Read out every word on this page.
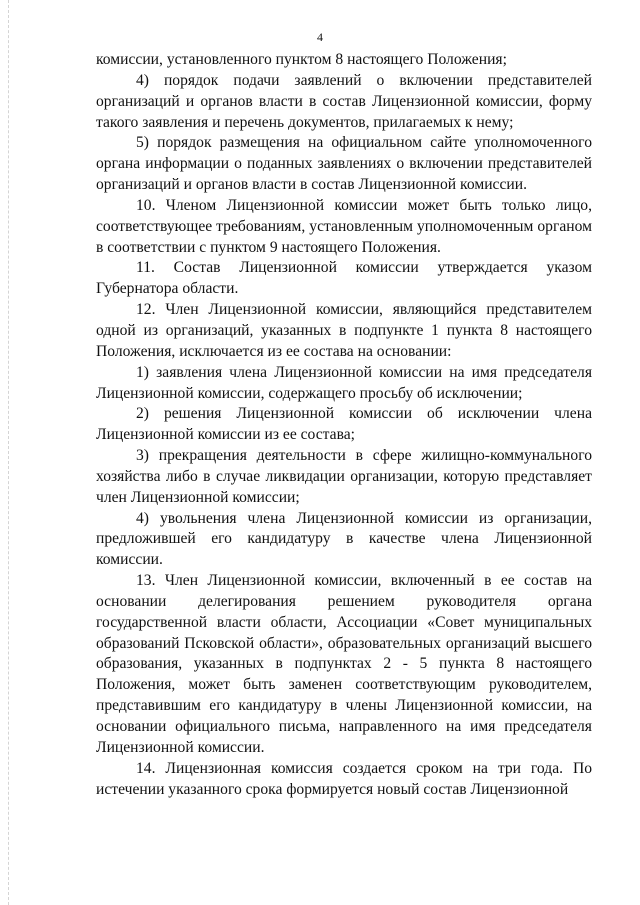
4

комиссии, установленного пунктом 8 настоящего Положения;

4) порядок подачи заявлений о включении представителей организаций и органов власти в состав Лицензионной комиссии, форму такого заявления и перечень документов, прилагаемых к нему;

5) порядок размещения на официальном сайте уполномоченного органа информации о поданных заявлениях о включении представителей организаций и органов власти в состав Лицензионной комиссии.

10. Членом Лицензионной комиссии может быть только лицо, соответствующее требованиям, установленным уполномоченным органом в соответствии с пунктом 9 настоящего Положения.

11. Состав Лицензионной комиссии утверждается указом Губернатора области.

12. Член Лицензионной комиссии, являющийся представителем одной из организаций, указанных в подпункте 1 пункта 8 настоящего Положения, исключается из ее состава на основании:

1) заявления члена Лицензионной комиссии на имя председателя Лицензионной комиссии, содержащего просьбу об исключении;

2) решения Лицензионной комиссии об исключении члена Лицензионной комиссии из ее состава;

3) прекращения деятельности в сфере жилищно-коммунального хозяйства либо в случае ликвидации организации, которую представляет член Лицензионной комиссии;

4) увольнения члена Лицензионной комиссии из организации, предложившей его кандидатуру в качестве члена Лицензионной комиссии.

13. Член Лицензионной комиссии, включенный в ее состав на основании делегирования решением руководителя органа государственной власти области, Ассоциации «Совет муниципальных образований Псковской области», образовательных организаций высшего образования, указанных в подпунктах 2 - 5 пункта 8 настоящего Положения, может быть заменен соответствующим руководителем, представившим его кандидатуру в члены Лицензионной комиссии, на основании официального письма, направленного на имя председателя Лицензионной комиссии.

14. Лицензионная комиссия создается сроком на три года. По истечении указанного срока формируется новый состав Лицензионной
